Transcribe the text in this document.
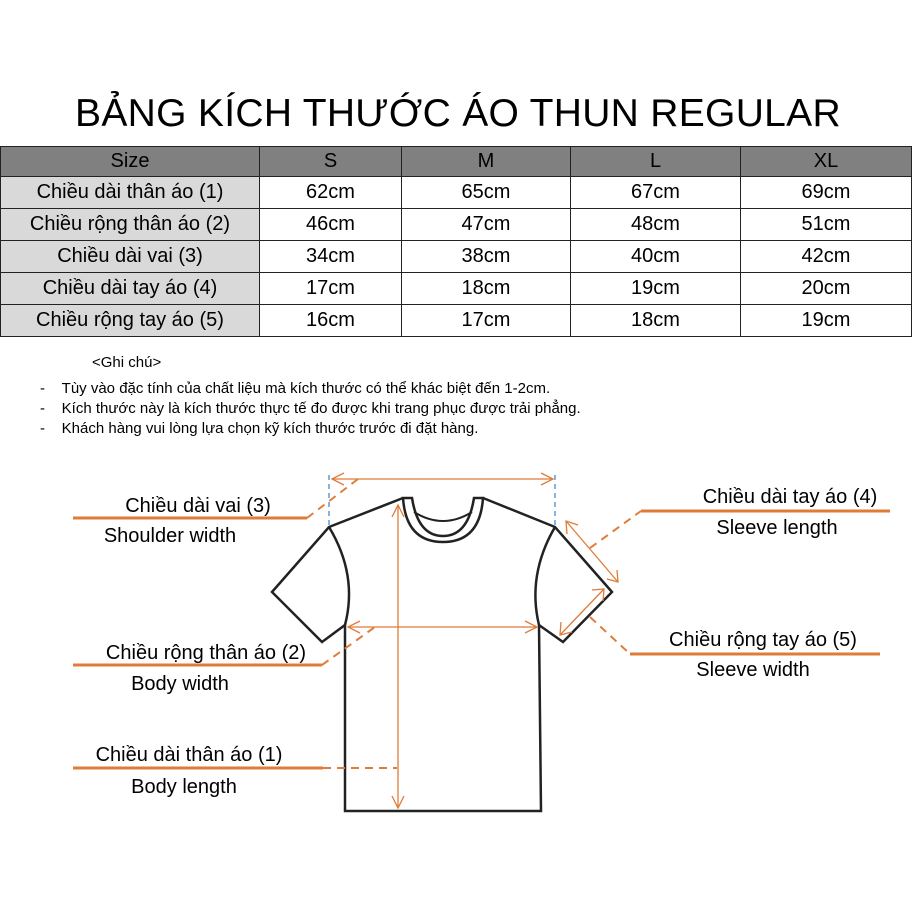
BẢNG KÍCH THƯỚC ÁO THUN REGULAR
Size	S	M	L	XL
Chiều dài thân áo (1)	62cm	65cm	67cm	69cm
Chiều rộng thân áo (2)	46cm	47cm	48cm	51cm
Chiều dài vai (3)	34cm	38cm	40cm	42cm
Chiều dài tay áo (4)	17cm	18cm	19cm	20cm
Chiều rộng tay áo (5)	16cm	17cm	18cm	19cm
<Ghi chú>
-    Tùy vào đặc tính của chất liệu mà kích thước có thể khác biệt đến 1-2cm.
-    Kích thước này là kích thước thực tế đo được khi trang phục được trải phẳng.
-    Khách hàng vui lòng lựa chọn kỹ kích thước trước đi đặt hàng.
Chiều dài vai (3)
Shoulder width
Chiều rộng thân áo (2)
Body width
Chiều dài thân áo (1)
Body length
Chiều dài tay áo (4)
Sleeve length
Chiều rộng tay áo (5)
Sleeve width
